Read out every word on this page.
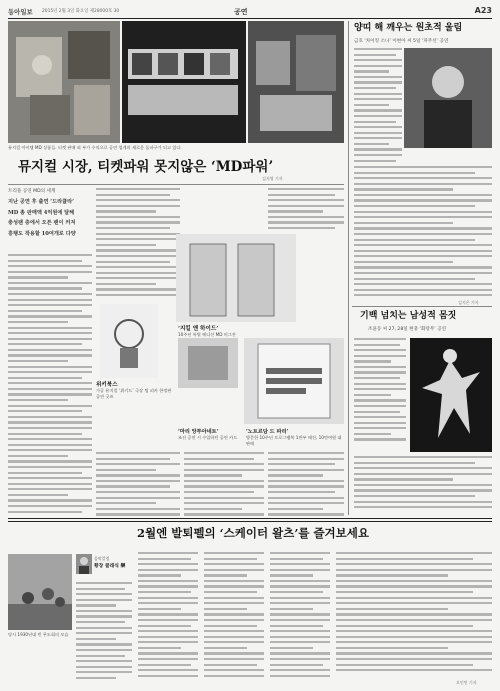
동아일보 2015년 2월 3일 화요일 제28000호 30	공연	A23
뮤지컬 아이템 MD 상품들. 티켓 판매 외 부가 수익으로 공연 업계의 새로운 돌파구가 되고 있다.
뮤지컬 시장, 티켓파워 못지않은 ‘MD파워’
김지영 기자
트리플 공연 MD의 세계
지난 공연 후 출연 ‘드라큘라’
MD 총 판매액 4억원에 달해
충성팬 층에서 오픈 팬이 커져
흥행도 작용할 10여개로 다양
위키북스
가공 뮤지컬 ‘위키드’ 극장 팀 피카 한정판 공연 굿즈
‘지킬 앤 하이드’
10주년 특별 에디션 MD 머그잔
‘마리 앙투아네트’
조선 공연 시 수입하던 공연 카드
‘노트르담 드 파리’
방문한 10주년 프로그램북 1만부 매진, 10만여원 대 판매
양띠 해 깨우는 원초적 울림
금호 ‘차이킹 소나’ 이현아 씨 5일 ‘파주선’ 공연
김지은 기자
기백 넘치는 남성적 몸짓
조윤동 씨 27, 28일 현충 ‘화랑무’ 공연
2월엔 발퇴펠의 ‘스케이터 왈츠’를 즐겨보세요
당시 1930년대 빈 무도회의 모습
음악칼럼
황장 클래식 樂
오인민 기자
